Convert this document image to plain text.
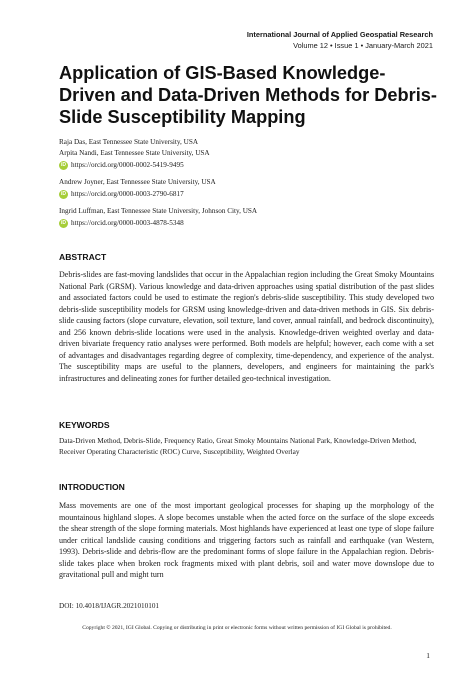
International Journal of Applied Geospatial Research
Volume 12 • Issue 1 • January-March 2021
Application of GIS-Based Knowledge-Driven and Data-Driven Methods for Debris-Slide Susceptibility Mapping
Raja Das, East Tennessee State University, USA
Arpita Nandi, East Tennessee State University, USA
iD https://orcid.org/0000-0002-5419-9495
Andrew Joyner, East Tennessee State University, USA
iD https://orcid.org/0000-0003-2790-6817
Ingrid Luffman, East Tennessee State University, Johnson City, USA
iD https://orcid.org/0000-0003-4878-5348
ABSTRACT

Debris-slides are fast-moving landslides that occur in the Appalachian region including the Great Smoky Mountains National Park (GRSM). Various knowledge and data-driven approaches using spatial distribution of the past slides and associated factors could be used to estimate the region's debris-slide susceptibility. This study developed two debris-slide susceptibility models for GRSM using knowledge-driven and data-driven methods in GIS. Six debris-slide causing factors (slope curvature, elevation, soil texture, land cover, annual rainfall, and bedrock discontinuity), and 256 known debris-slide locations were used in the analysis. Knowledge-driven weighted overlay and data-driven bivariate frequency ratio analyses were performed. Both models are helpful; however, each come with a set of advantages and disadvantages regarding degree of complexity, time-dependency, and experience of the analyst. The susceptibility maps are useful to the planners, developers, and engineers for maintaining the park's infrastructures and delineating zones for further detailed geo-technical investigation.

KEYWORDS

Data-Driven Method, Debris-Slide, Frequency Ratio, Great Smoky Mountains National Park, Knowledge-Driven Method, Receiver Operating Characteristic (ROC) Curve, Susceptibility, Weighted Overlay

INTRODUCTION

Mass movements are one of the most important geological processes for shaping up the morphology of the mountainous highland slopes. A slope becomes unstable when the acted force on the surface of the slope exceeds the shear strength of the slope forming materials. Most highlands have experienced at least one type of slope failure under critical landslide causing conditions and triggering factors such as rainfall and earthquake (van Western, 1993). Debris-slide and debris-flow are the predominant forms of slope failure in the Appalachian region. Debris-slide takes place when broken rock fragments mixed with plant debris, soil and water move downslope due to gravitational pull and might turn

DOI: 10.4018/IJAGR.2021010101
Copyright © 2021, IGI Global. Copying or distributing in print or electronic forms without written permission of IGI Global is prohibited.
1
